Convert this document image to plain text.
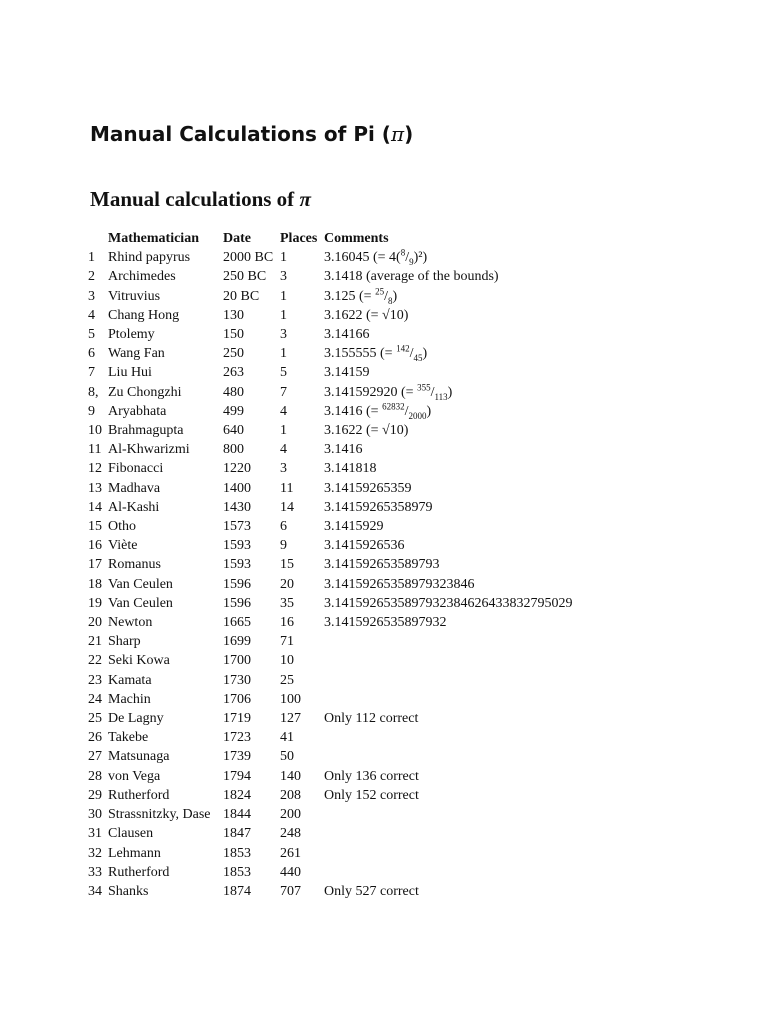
Manual Calculations of Pi (π)
Manual calculations of π
	Mathematician	Date	Places	Comments
1	Rhind papyrus	2000 BC	1	3.16045 (= $4(^8/_9)^2$)
2	Archimedes	250 BC	3	3.1418 (average of the bounds)
3	Vitruvius	20 BC	1	3.125 (= $^{25}/_8$)
4	Chang Hong	130	1	3.1622 (= √10)
5	Ptolemy	150	3	3.14166
6	Wang Fan	250	1	3.155555 (= $^{142}/_{45}$)
7	Liu Hui	263	5	3.14159
8,	Zu Chongzhi	480	7	3.141592920 (= $^{355}/_{113}$)
9	Aryabhata	499	4	3.1416 (= $^{62832}/_{2000}$)
10	Brahmagupta	640	1	3.1622 (= √10)
11	Al-Khwarizmi	800	4	3.1416
12	Fibonacci	1220	3	3.141818
13	Madhava	1400	11	3.14159265359
14	Al-Kashi	1430	14	3.14159265358979
15	Otho	1573	6	3.1415929
16	Viète	1593	9	3.1415926536
17	Romanus	1593	15	3.141592653589793
18	Van Ceulen	1596	20	3.14159265358979323846
19	Van Ceulen	1596	35	3.1415926535897932384626433832795029
20	Newton	1665	16	3.1415926535897932
21	Sharp	1699	71	
22	Seki Kowa	1700	10	
23	Kamata	1730	25	
24	Machin	1706	100	
25	De Lagny	1719	127	Only 112 correct
26	Takebe	1723	41	
27	Matsunaga	1739	50	
28	von Vega	1794	140	Only 136 correct
29	Rutherford	1824	208	Only 152 correct
30	Strassnitzky, Dase	1844	200	
31	Clausen	1847	248	
32	Lehmann	1853	261	
33	Rutherford	1853	440	
34	Shanks	1874	707	Only 527 correct
